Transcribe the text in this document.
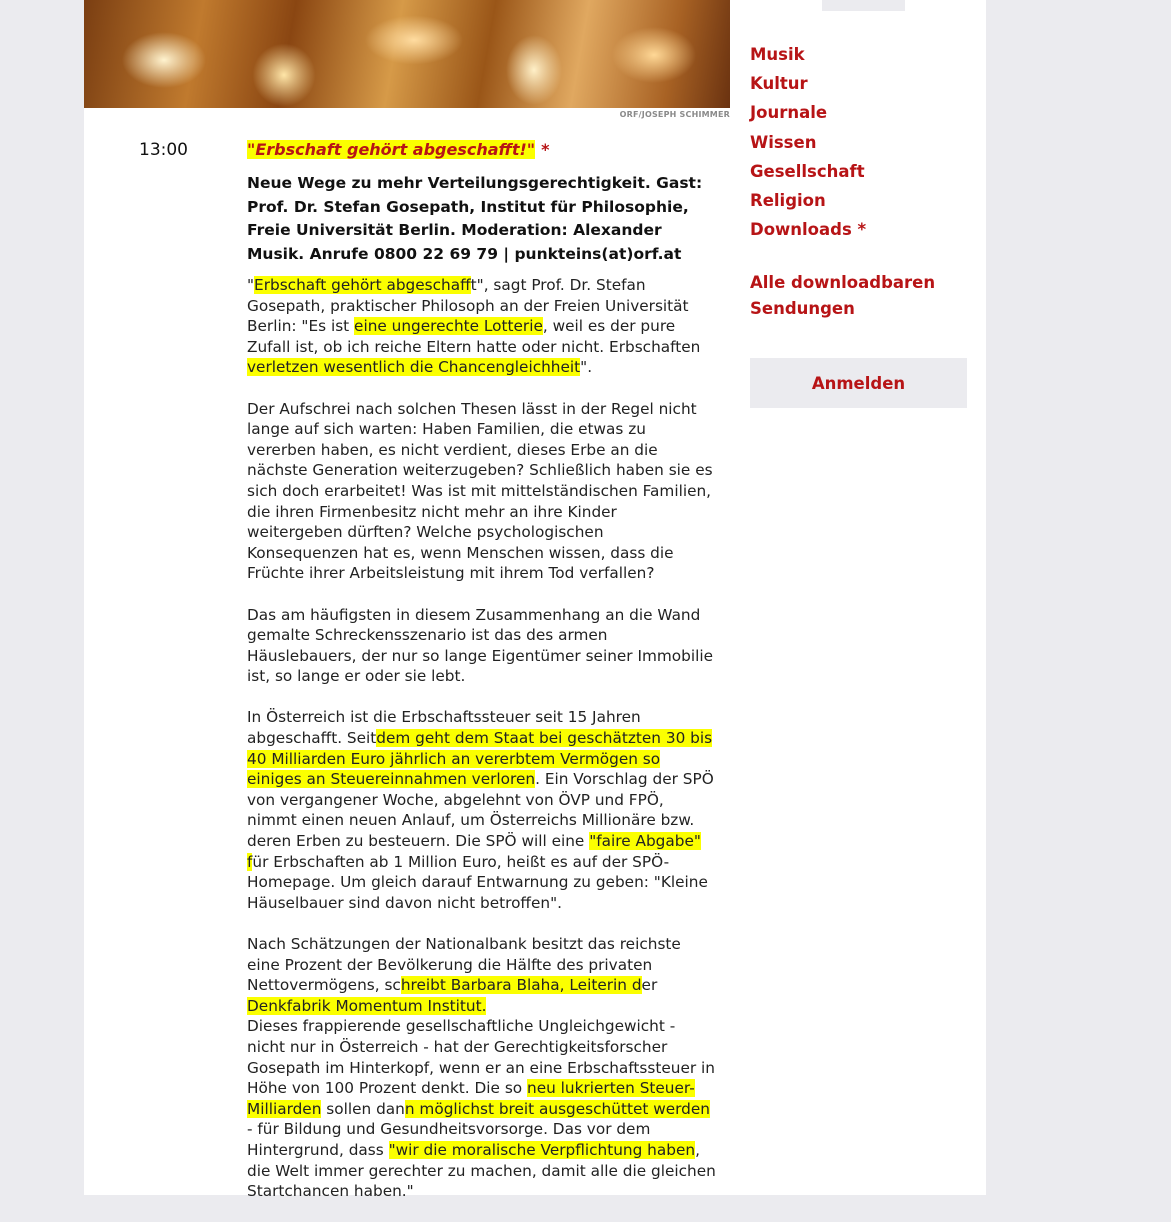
ORF/JOSEPH SCHIMMER
13:00	"Erbschaft gehört abgeschafft!" *

Neue Wege zu mehr Verteilungsgerechtigkeit. Gast: Prof. Dr. Stefan Gosepath, Institut für Philosophie, Freie Universität Berlin. Moderation: Alexander Musik. Anrufe 0800 22 69 79 | punkteins(at)orf.at

"Erbschaft gehört abgeschafft", sagt Prof. Dr. Stefan Gosepath, praktischer Philosoph an der Freien Universität Berlin: "Es ist eine ungerechte Lotterie, weil es der pure Zufall ist, ob ich reiche Eltern hatte oder nicht. Erbschaften verletzen wesentlich die Chancengleichheit".

Der Aufschrei nach solchen Thesen lässt in der Regel nicht lange auf sich warten: Haben Familien, die etwas zu vererben haben, es nicht verdient, dieses Erbe an die nächste Generation weiterzugeben? Schließlich haben sie es sich doch erarbeitet! Was ist mit mittelständischen Familien, die ihren Firmenbesitz nicht mehr an ihre Kinder weitergeben dürften? Welche psychologischen Konsequenzen hat es, wenn Menschen wissen, dass die Früchte ihrer Arbeitsleistung mit ihrem Tod verfallen?

Das am häufigsten in diesem Zusammenhang an die Wand gemalte Schreckensszenario ist das des armen Häuslebauers, der nur so lange Eigentümer seiner Immobilie ist, so lange er oder sie lebt.

In Österreich ist die Erbschaftssteuer seit 15 Jahren abgeschafft. Seitdem geht dem Staat bei geschätzten 30 bis 40 Milliarden Euro jährlich an vererbtem Vermögen so einiges an Steuereinnahmen verloren. Ein Vorschlag der SPÖ von vergangener Woche, abgelehnt von ÖVP und FPÖ, nimmt einen neuen Anlauf, um Österreichs Millionäre bzw. deren Erben zu besteuern. Die SPÖ will eine "faire Abgabe" für Erbschaften ab 1 Million Euro, heißt es auf der SPÖ-Homepage. Um gleich darauf Entwarnung zu geben: "Kleine Häuselbauer sind davon nicht betroffen".

Nach Schätzungen der Nationalbank besitzt das reichste eine Prozent der Bevölkerung die Hälfte des privaten Nettovermögens, schreibt Barbara Blaha, Leiterin der Denkfabrik Momentum Institut.
Dieses frappierende gesellschaftliche Ungleichgewicht - nicht nur in Österreich - hat der Gerechtigkeitsforscher Gosepath im Hinterkopf, wenn er an eine Erbschaftssteuer in Höhe von 100 Prozent denkt. Die so neu lukrierten Steuer-Milliarden sollen dann möglichst breit ausgeschüttet werden - für Bildung und Gesundheitsvorsorge. Das vor dem Hintergrund, dass "wir die moralische Verpflichtung haben, die Welt immer gerechter zu machen, damit alle die gleichen Startchancen haben."

Musik
Kultur
Journale
Wissen
Gesellschaft
Religion
Downloads *
Alle downloadbaren Sendungen
Anmelden
